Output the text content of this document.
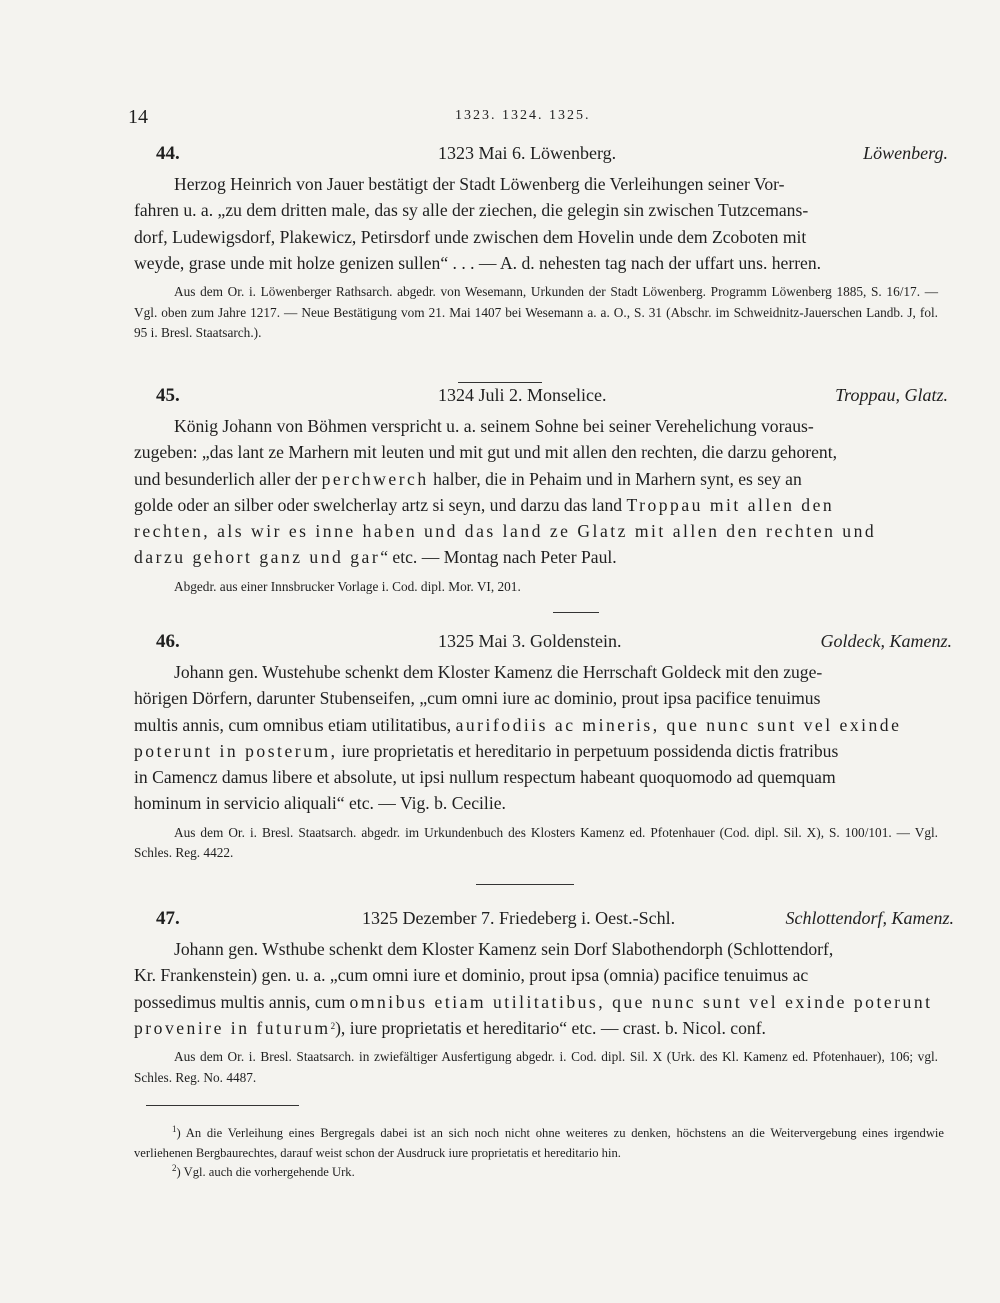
14	1323. 1324. 1325.
44.	1323 Mai 6. Löwenberg.	Löwenberg.

Herzog Heinrich von Jauer bestätigt der Stadt Löwenberg die Verleihungen seiner Vor-
fahren u. a. „zu dem dritten male, das sy alle der ziechen, die gelegin sin zwischen Tutzcemans-
dorf, Ludewigsdorf, Plakewicz, Petirsdorf unde zwischen dem Hovelin unde dem Zcoboten mit
weyde, grase unde mit holze genizen sullen“ . . . — A. d. nehesten tag nach der uffart uns. herren.

Aus dem Or. i. Löwenberger Rathsarch. abgedr. von Wesemann, Urkunden der Stadt Löwenberg. Programm Löwenberg 1885, S. 16/17. — Vgl. oben zum Jahre 1217. — Neue Bestätigung vom 21. Mai 1407 bei Wesemann a. a. O., S. 31 (Abschr. im Schweidnitz-Jauerschen Landb. J, fol. 95 i. Bresl. Staatsarch.).

45.	1324 Juli 2. Monselice.	Troppau, Glatz.

König Johann von Böhmen verspricht u. a. seinem Sohne bei seiner Verehelichung voraus-
zugeben: „das lant ze Marhern mit leuten und mit gut und mit allen den rechten, die darzu gehorent,
und besunderlich aller der perchwerch halber, die in Pehaim und in Marhern synt, es sey an
golde oder an silber oder swelcherlay artz si seyn, und darzu das land Troppau mit allen den
rechten, als wir es inne haben und das land ze Glatz mit allen den rechten und
darzu gehort ganz und gar“ etc. — Montag nach Peter Paul.

Abgedr. aus einer Innsbrucker Vorlage i. Cod. dipl. Mor. VI, 201.

46.	1325 Mai 3. Goldenstein.	Goldeck, Kamenz.

Johann gen. Wustehube schenkt dem Kloster Kamenz die Herrschaft Goldeck mit den zuge-
hörigen Dörfern, darunter Stubenseifen, „cum omni iure ac dominio, prout ipsa pacifice tenuimus
multis annis, cum omnibus etiam utilitatibus, aurifodiis ac mineris, que nunc sunt vel exinde
poterunt in posterum, iure proprietatis et hereditario in perpetuum possidenda dictis fratribus
in Camencz damus libere et absolute, ut ipsi nullum respectum habeant quoquomodo ad quemquam
hominum in servicio aliquali“ etc. — Vig. b. Cecilie.

Aus dem Or. i. Bresl. Staatsarch. abgedr. im Urkundenbuch des Klosters Kamenz ed. Pfotenhauer (Cod. dipl. Sil. X), S. 100/101. — Vgl. Schles. Reg. 4422.

47.	1325 Dezember 7. Friedeberg i. Oest.-Schl.	Schlottendorf, Kamenz.

Johann gen. Wsthube schenkt dem Kloster Kamenz sein Dorf Slabothendorph (Schlottendorf,
Kr. Frankenstein) gen. u. a. „cum omni iure et dominio, prout ipsa (omnia) pacifice tenuimus ac
possedimus multis annis, cum omnibus etiam utilitatibus, que nunc sunt vel exinde poterunt
provenire in futurum$^2$), iure proprietatis et hereditario“ etc. — crast. b. Nicol. conf.

Aus dem Or. i. Bresl. Staatsarch. in zwiefältiger Ausfertigung abgedr. i. Cod. dipl. Sil. X (Urk. des Kl. Kamenz ed. Pfotenhauer), 106; vgl. Schles. Reg. No. 4487.

$^1$) An die Verleihung eines Bergregals dabei ist an sich noch nicht ohne weiteres zu denken, höchstens an die Weitervergebung eines irgendwie verliehenen Bergbaurechtes, darauf weist schon der Ausdruck iure proprietatis et hereditario hin.

$^2$) Vgl. auch die vorhergehende Urk.
